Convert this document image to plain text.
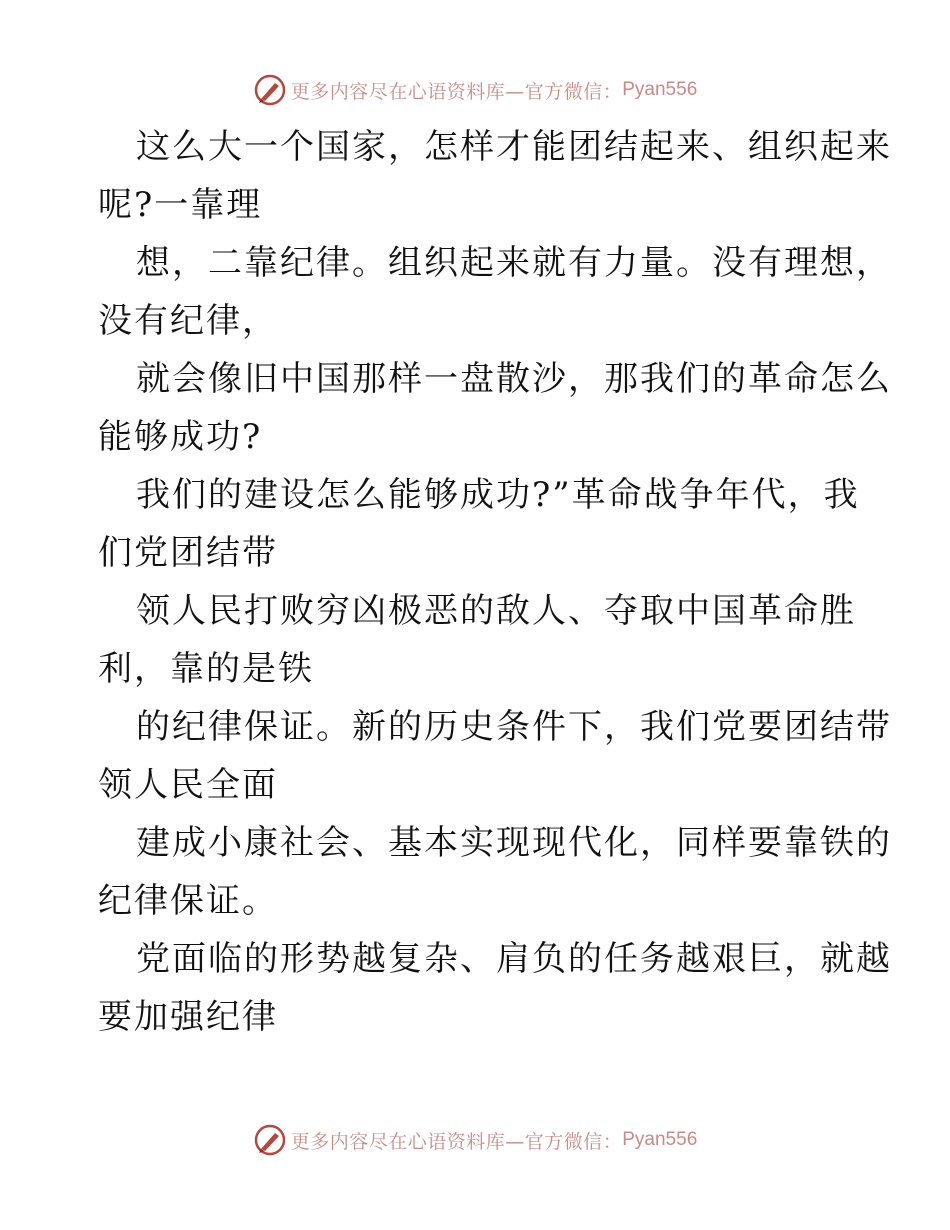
更多内容尽在心语资料库—官方微信： Pyan556
这么大一个国家，怎样才能团结起来、组织起来
呢?一靠理
想，二靠纪律。组织起来就有力量。没有理想，
没有纪律，
就会像旧中国那样一盘散沙，那我们的革命怎么
能够成功?
我们的建设怎么能够成功?”革命战争年代，我
们党团结带
领人民打败穷凶极恶的敌人、夺取中国革命胜
利，靠的是铁
的纪律保证。新的历史条件下，我们党要团结带
领人民全面
建成小康社会、基本实现现代化，同样要靠铁的
纪律保证。
党面临的形势越复杂、肩负的任务越艰巨，就越
要加强纪律
更多内容尽在心语资料库—官方微信： Pyan556
